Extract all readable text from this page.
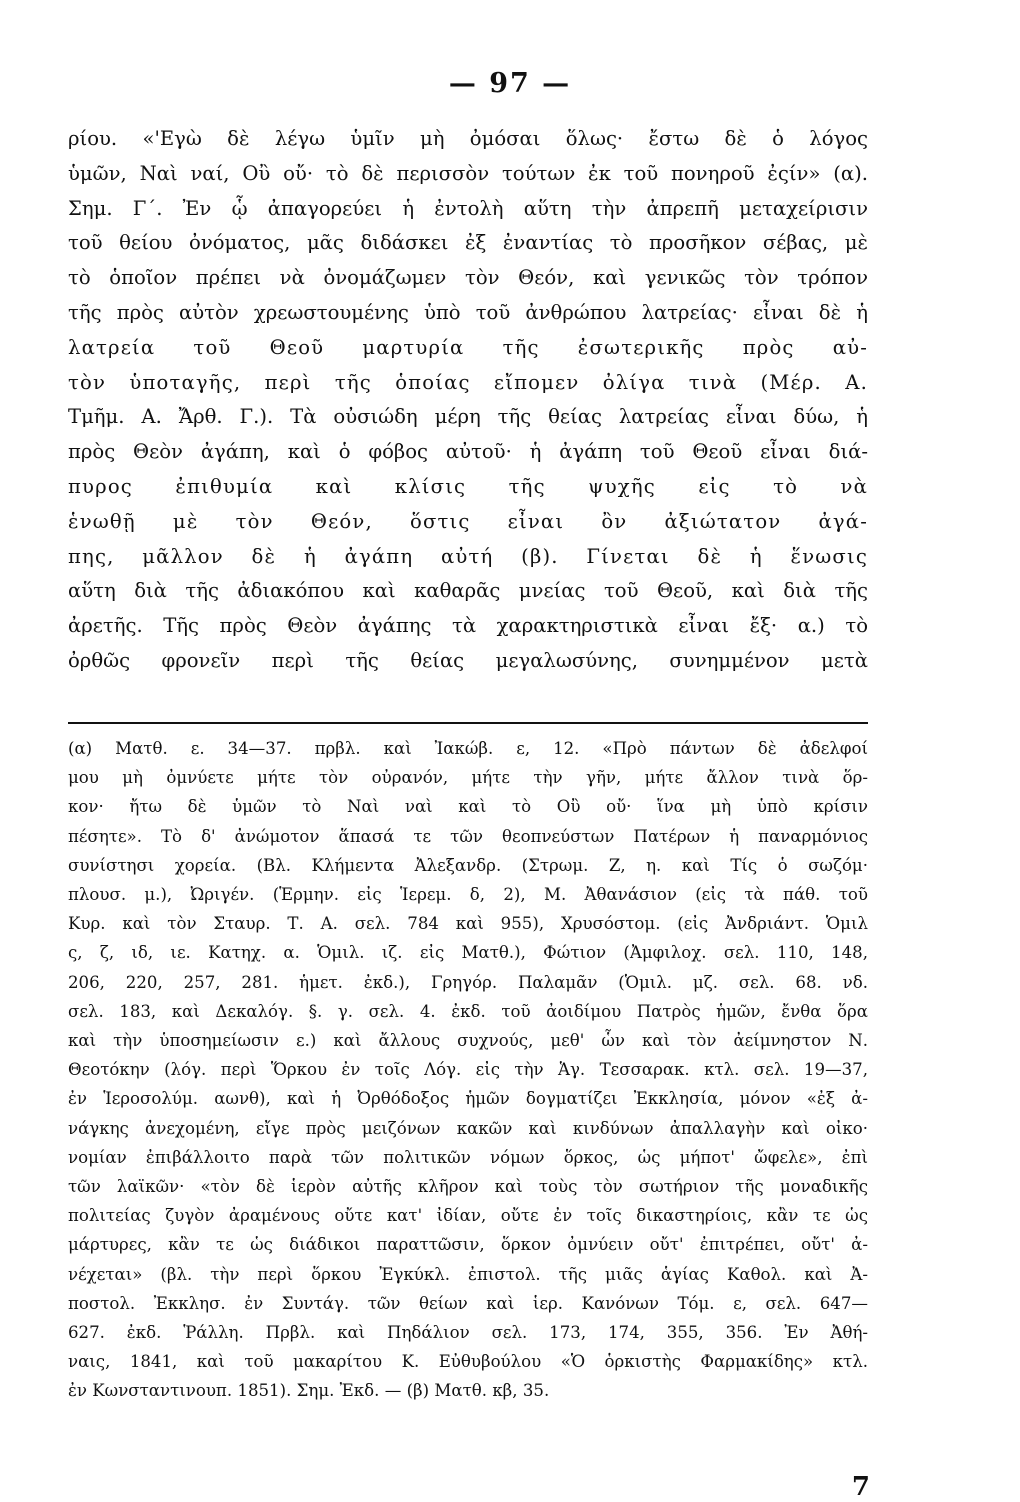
— 97 —
ρίου. «'Εγὼ δὲ λέγω ὑμῖν μὴ ὀμόσαι ὅλως· ἔστω δὲ ὁ λόγος
ὑμῶν, Ναὶ ναί, Οὒ οὔ· τὸ δὲ περισσὸν τούτων ἐκ τοῦ πονηροῦ ἐςίν» (α).
Σημ. Γ΄. Ἐν ᾧ ἀπαγορεύει ἡ ἐντολὴ αὕτη τὴν ἀπρεπῆ μεταχείρισιν
τοῦ θείου ὀνόματος, μᾶς διδάσκει ἐξ ἐναντίας τὸ προσῆκον σέβας, μὲ
τὸ ὁποῖον πρέπει νὰ ὀνομάζωμεν τὸν Θεόν, καὶ γενικῶς τὸν τρόπον
τῆς πρὸς αὐτὸν χρεωστουμένης ὑπὸ τοῦ ἀνθρώπου λατρείας· εἶναι δὲ ἡ
λατρεία τοῦ Θεοῦ μαρτυρία τῆς ἐσωτερικῆς πρὸς αὐ-
τὸν ὑποταγῆς, περὶ τῆς ὁποίας εἴπομεν ὀλίγα τινὰ (Μέρ. Α.
Τμῆμ. Α. Ἄρθ. Γ.). Τὰ οὐσιώδη μέρη τῆς θείας λατρείας εἶναι δύω, ἡ
πρὸς Θεὸν ἀγάπη, καὶ ὁ φόβος αὐτοῦ· ἡ ἀγάπη τοῦ Θεοῦ εἶναι διά-
πυρος ἐπιθυμία καὶ κλίσις τῆς ψυχῆς εἰς τὸ νὰ
ἑνωθῇ μὲ τὸν Θεόν, ὅστις εἶναι ὂν ἀξιώτατον ἀγά-
πης, μᾶλλον δὲ ἡ ἀγάπη αὐτή (β). Γίνεται δὲ ἡ ἕνωσις
αὕτη διὰ τῆς ἀδιακόπου καὶ καθαρᾶς μνείας τοῦ Θεοῦ, καὶ διὰ τῆς
ἀρετῆς. Τῆς πρὸς Θεὸν ἀγάπης τὰ χαρακτηριστικὰ εἶναι ἔξ· α.) τὸ
ὀρθῶς φρονεῖν περὶ τῆς θείας μεγαλωσύνης, συνημμένον μετὰ
(α) Ματθ. ε. 34—37. πρβλ. καὶ Ἰακώβ. ε, 12. «Πρὸ πάντων δὲ ἀδελφοί
μου μὴ ὀμνύετε μήτε τὸν οὐρανόν, μήτε τὴν γῆν, μήτε ἄλλον τινὰ ὅρ-
κον· ἤτω δὲ ὑμῶν τὸ Ναὶ ναὶ καὶ τὸ Οὒ οὔ· ἵνα μὴ ὑπὸ κρίσιν
πέσητε». Τὸ δ' ἀνώμοτον ἅπασά τε τῶν θεοπνεύστων Πατέρων ἡ παναρμόνιος
συνίστησι χορεία. (Βλ. Κλήμεντα Ἀλεξανδρ. (Στρωμ. Ζ, η. καὶ Τίς ὁ σωζόμ·
πλουσ. μ.), Ὠριγέν. (Ἑρμην. εἰς Ἱερεμ. δ, 2), Μ. Ἀθανάσιον (εἰς τὰ πάθ. τοῦ
Κυρ. καὶ τὸν Σταυρ. Τ. Α. σελ. 784 καὶ 955), Χρυσόστομ. (εἰς Ἀνδριάντ. Ὁμιλ
ς, ζ, ιδ, ιε. Κατηχ. α. Ὁμιλ. ιζ. εἰς Ματθ.), Φώτιον (Ἀμφιλοχ. σελ. 110, 148,
206, 220, 257, 281. ἡμετ. ἐκδ.), Γρηγόρ. Παλαμᾶν (Ὁμιλ. μζ. σελ. 68. νδ.
σελ. 183, καὶ Δεκαλόγ. §. γ. σελ. 4. ἐκδ. τοῦ ἀοιδίμου Πατρὸς ἡμῶν, ἔνθα ὅρα
καὶ τὴν ὑποσημείωσιν ε.) καὶ ἄλλους συχνούς, μεθ' ὧν καὶ τὸν ἀείμνηστον Ν.
Θεοτόκην (λόγ. περὶ Ὅρκου ἐν τοῖς Λόγ. εἰς τὴν Ἁγ. Τεσσαρακ. κτλ. σελ. 19—37,
ἐν Ἱεροσολύμ. αωνθ), καὶ ἡ Ὀρθόδοξος ἡμῶν δογματίζει Ἐκκλησία, μόνον «ἐξ ἀ-
νάγκης ἀνεχομένη, εἴγε πρὸς μειζόνων κακῶν καὶ κινδύνων ἀπαλλαγὴν καὶ οἰκο·
νομίαν ἐπιβάλλοιτο παρὰ τῶν πολιτικῶν νόμων ὅρκος, ὡς μήποτ' ὤφελε», ἐπὶ
τῶν λαϊκῶν· «τὸν δὲ ἱερὸν αὐτῆς κλῆρον καὶ τοὺς τὸν σωτήριον τῆς μοναδικῆς
πολιτείας ζυγὸν ἀραμένους οὔτε κατ' ἰδίαν, οὔτε ἐν τοῖς δικαστηρίοις, κἂν τε ὡς
μάρτυρες, κἂν τε ὡς διάδικοι παραττῶσιν, ὅρκον ὀμνύειν οὔτ' ἐπιτρέπει, οὔτ' ἀ-
νέχεται» (βλ. τὴν περὶ ὅρκου Ἐγκύκλ. ἐπιστολ. τῆς μιᾶς ἁγίας Καθολ. καὶ Ἀ-
ποστολ. Ἐκκλησ. ἐν Συντάγ. τῶν θείων καὶ ἱερ. Κανόνων Τόμ. ε, σελ. 647—
627. ἐκδ. Ῥάλλη. Πρβλ. καὶ Πηδάλιον σελ. 173, 174, 355, 356. Ἐν Ἀθή-
ναις, 1841, καὶ τοῦ μακαρίτου Κ. Εὐθυβούλου «Ὁ ὁρκιστὴς Φαρμακίδης» κτλ.
ἐν Κωνσταντινουπ. 1851). Σημ. Ἐκδ. — (β) Ματθ. κβ, 35.
7
